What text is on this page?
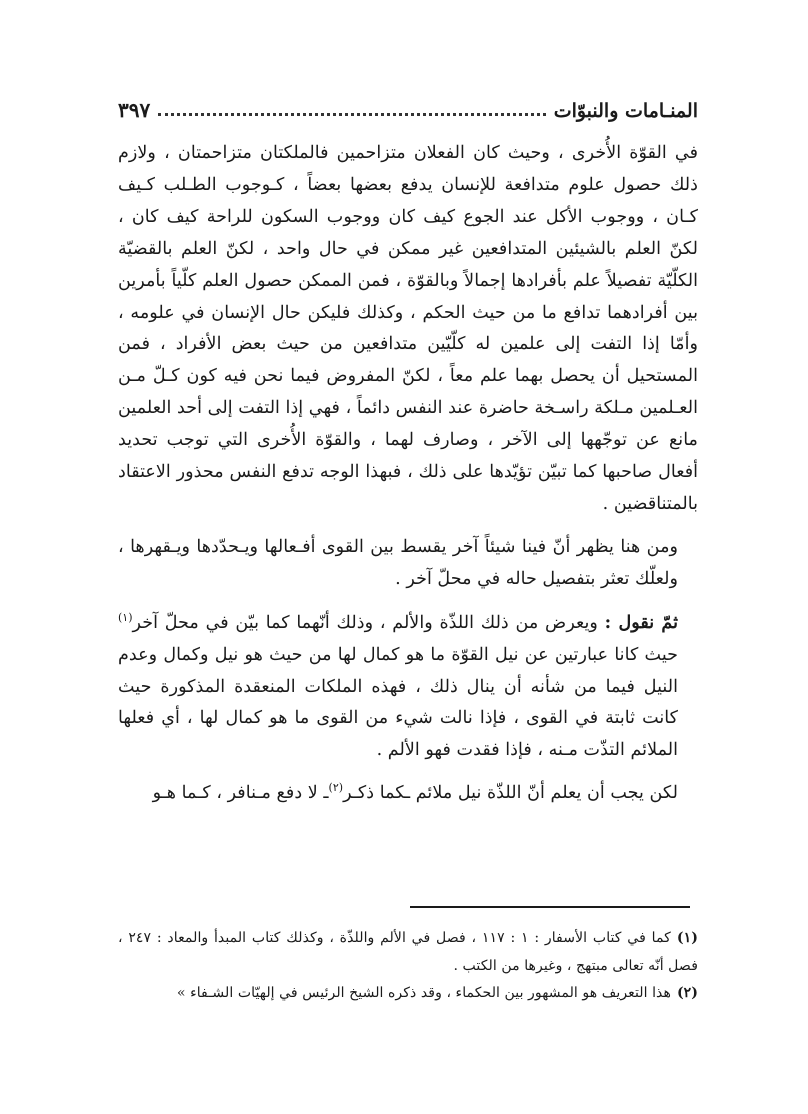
المنـامات والنبوّات
٣٩٧

في القوّة الأُخرى ، وحيث كان الفعلان متزاحمين فالملكتان متزاحمتان ، ولازم ذلك حصول علوم متدافعة للإنسان يدفع بعضها بعضاً ، كـوجوب الطـلب كـيف كـان ، ووجوب الأكل عند الجوع كيف كان ووجوب السكون للراحة كيف كان ، لكنّ العلم بالشيئين المتدافعين غير ممكن في حال واحد ، لكنّ العلم بالقضيّة الكلّيّة تفصيلاً علم بأفرادها إجمالاً وبالقوّة ، فمن الممكن حصول العلم كلّياً بأمرين بين أفرادهما تدافع ما من حيث الحكم ، وكذلك فليكن حال الإنسان في علومه ، وأمّا إذا التفت إلى علمين له كلّيّين متدافعين من حيث بعض الأفراد ، فمن المستحيل أن يحصل بهما علم معاً ، لكنّ المفروض فيما نحن فيه كون كـلّ مـن العـلمين مـلكة راسـخة حاضرة عند النفس دائماً ، فهي إذا التفت إلى أحد العلمين مانع عن توجّهها إلى الآخر ، وصارف لهما ، والقوّة الأُخرى التي توجب تحديد أفعال صاحبها كما تبيّن تؤيّدها على ذلك ، فبهذا الوجه تدفع النفس محذور الاعتقاد بالمتناقضين .

ومن هنا يظهر أنّ فينا شيئاً آخر يقسط بين القوى أفـعالها ويـحدّدها ويـقهرها ، ولعلّك تعثر بتفصيل حاله في محلّ آخر .

ثمّ نقول : ويعرض من ذلك اللذّة والألم ، وذلك أنّهما كما بيّن في محلّ آخر$^{(١)}$ حيث كانا عبارتين عن نيل القوّة ما هو كمال لها من حيث هو نيل وكمال وعدم النيل فيما من شأنه أن ينال ذلك ، فهذه الملكات المنعقدة المذكورة حيث كانت ثابتة في القوى ، فإذا نالت شيء من القوى ما هو كمال لها ، أي فعلها الملائم التذّت مـنه ، فإذا فقدت فهو الألم .

لكن يجب أن يعلم أنّ اللذّة نيل ملائم ـكما ذكـر$^{(٢)}$ـ لا دفع مـنافر ، كـما هـو

(١)كما في كتاب الأسفار : ١ : ١١٧ ، فصل في الألم واللذّة ، وكذلك كتاب المبدأ والمعاد : ٢٤٧ ، فصل أنّه تعالى مبتهج ، وغيرها من الكتب .

(٢)هذا التعريف هو المشهور بين الحكماء ، وقد ذكره الشيخ الرئيس في إلهيّات الشـفاء »
